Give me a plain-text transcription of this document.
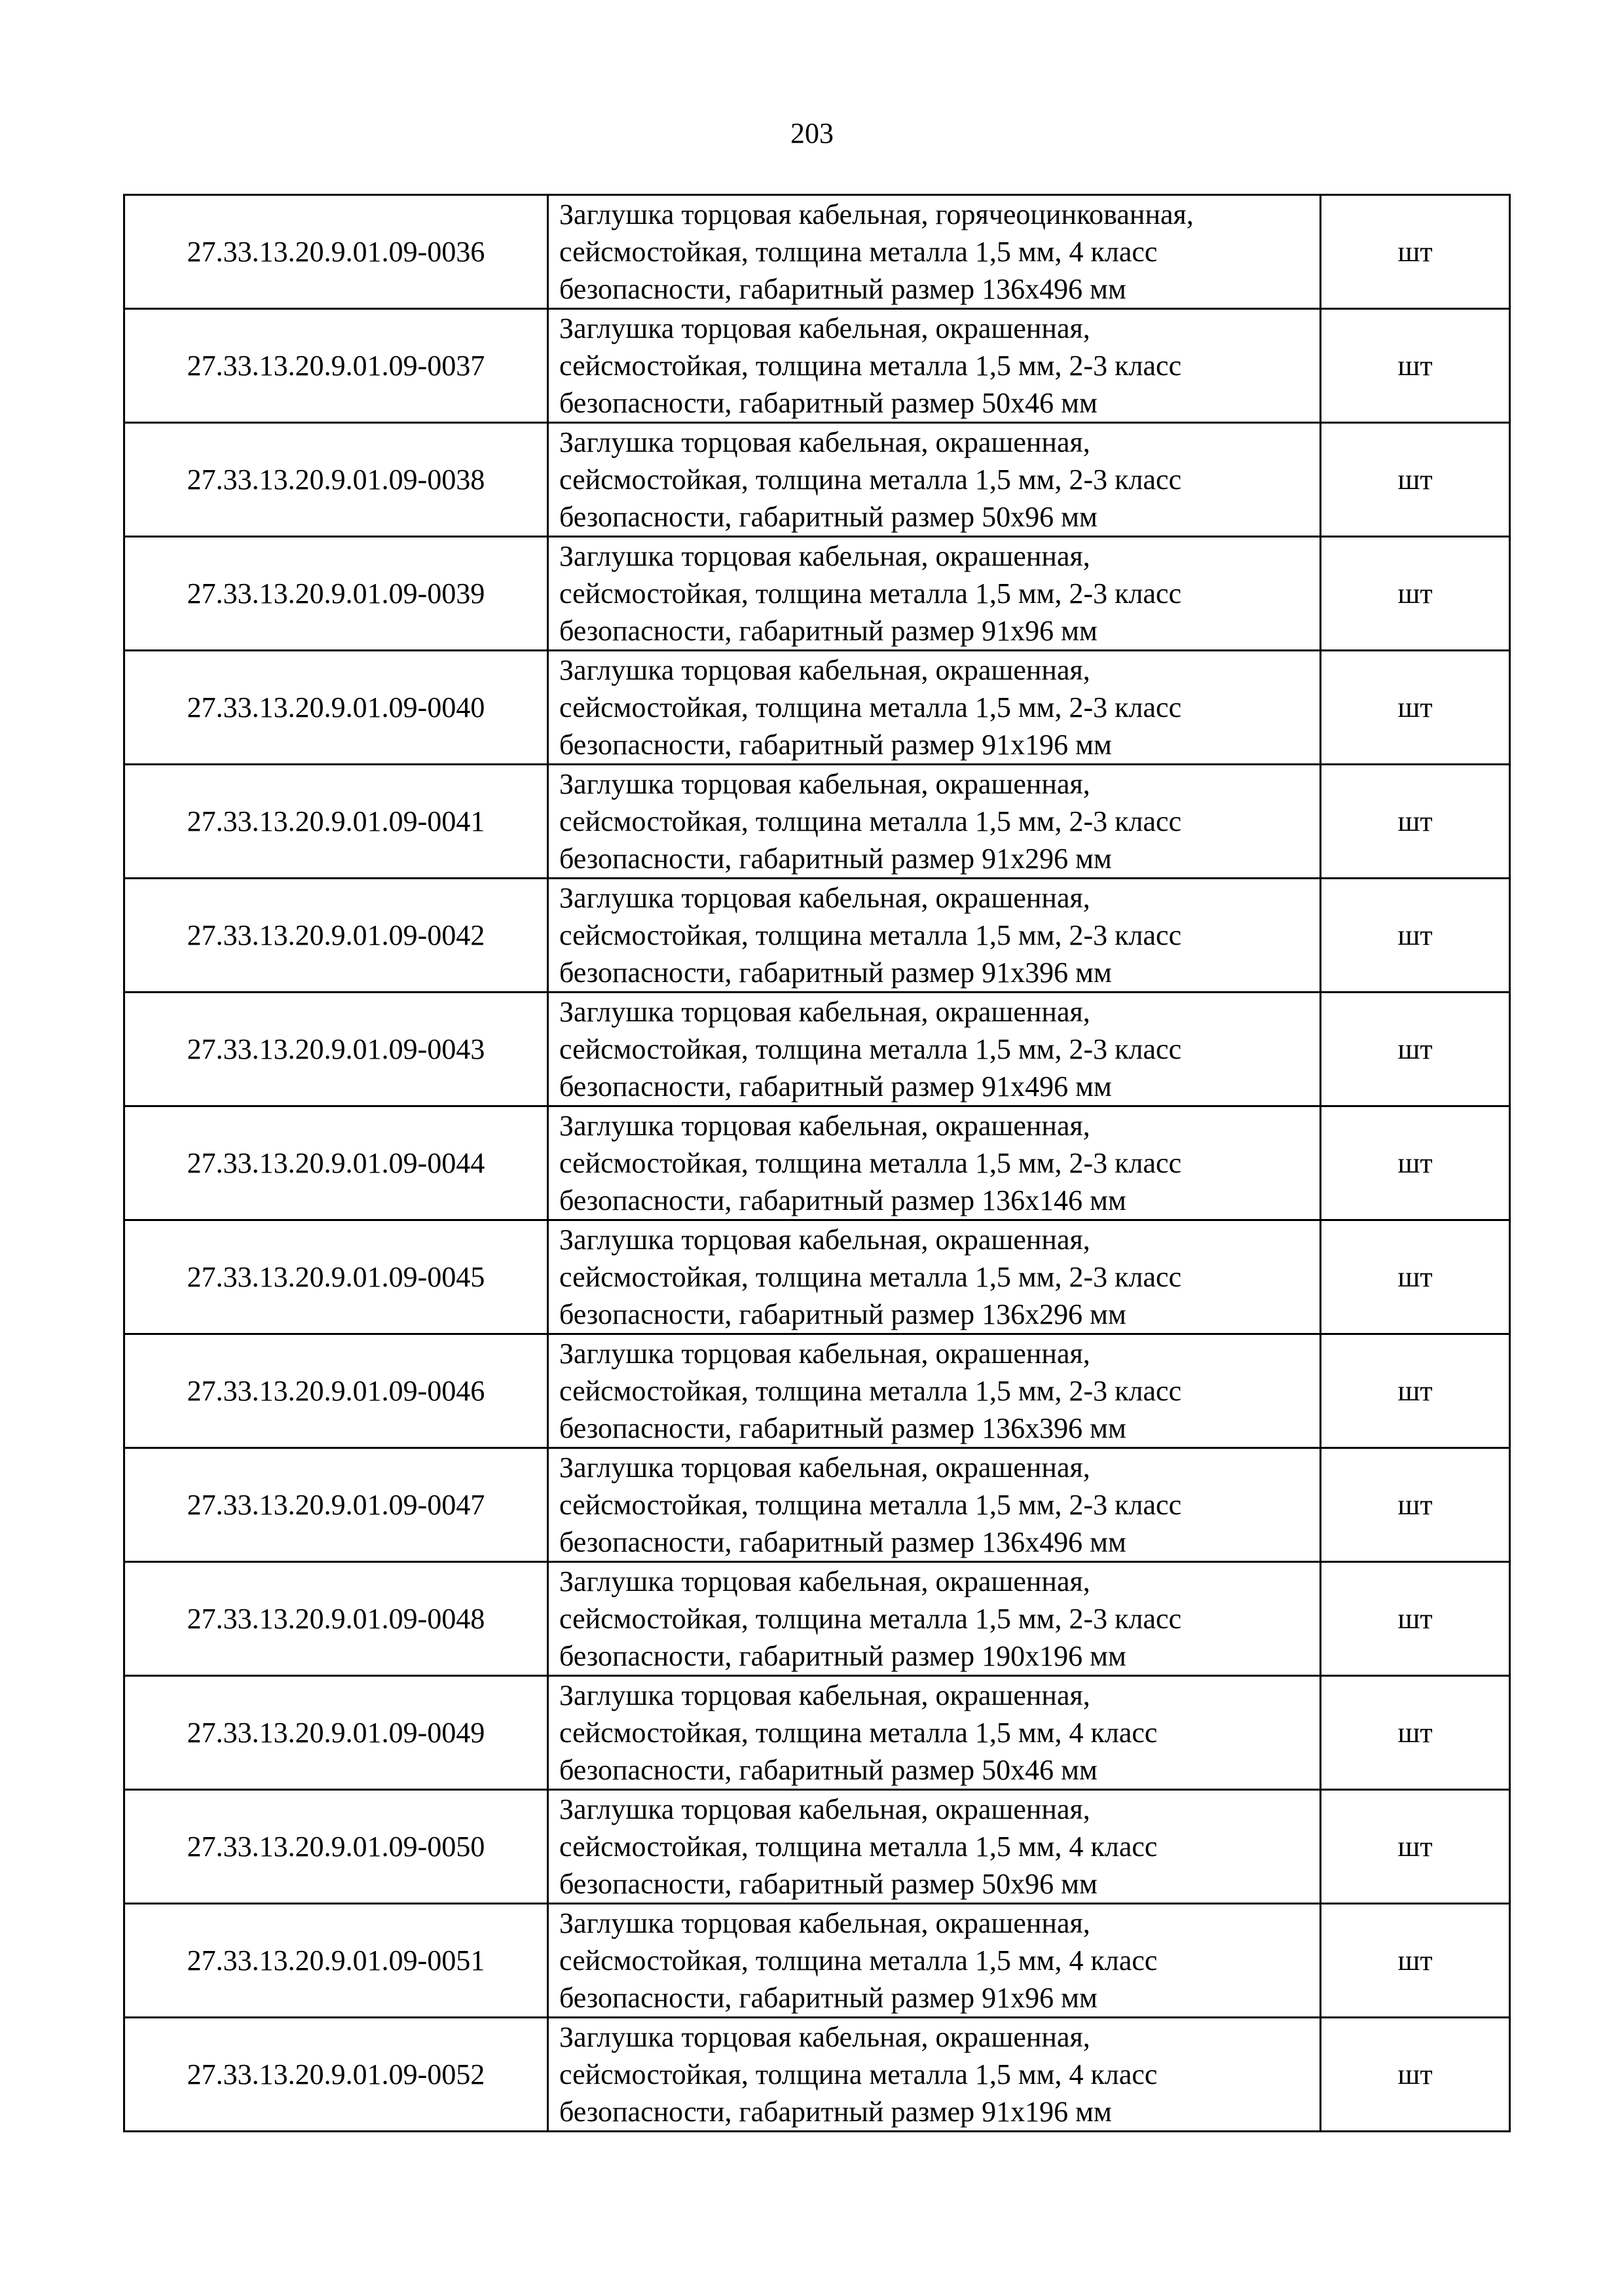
203
27.33.13.20.9.01.09-0036	Заглушка торцовая кабельная, горячеоцинкованная,
сейсмостойкая, толщина металла 1,5 мм, 4 класс
безопасности, габаритный размер 136x496 мм	шт
27.33.13.20.9.01.09-0037	Заглушка торцовая кабельная, окрашенная,
сейсмостойкая, толщина металла 1,5 мм, 2-3 класс
безопасности, габаритный размер 50x46 мм	шт
27.33.13.20.9.01.09-0038	Заглушка торцовая кабельная, окрашенная,
сейсмостойкая, толщина металла 1,5 мм, 2-3 класс
безопасности, габаритный размер 50x96 мм	шт
27.33.13.20.9.01.09-0039	Заглушка торцовая кабельная, окрашенная,
сейсмостойкая, толщина металла 1,5 мм, 2-3 класс
безопасности, габаритный размер 91x96 мм	шт
27.33.13.20.9.01.09-0040	Заглушка торцовая кабельная, окрашенная,
сейсмостойкая, толщина металла 1,5 мм, 2-3 класс
безопасности, габаритный размер 91x196 мм	шт
27.33.13.20.9.01.09-0041	Заглушка торцовая кабельная, окрашенная,
сейсмостойкая, толщина металла 1,5 мм, 2-3 класс
безопасности, габаритный размер 91x296 мм	шт
27.33.13.20.9.01.09-0042	Заглушка торцовая кабельная, окрашенная,
сейсмостойкая, толщина металла 1,5 мм, 2-3 класс
безопасности, габаритный размер 91x396 мм	шт
27.33.13.20.9.01.09-0043	Заглушка торцовая кабельная, окрашенная,
сейсмостойкая, толщина металла 1,5 мм, 2-3 класс
безопасности, габаритный размер 91x496 мм	шт
27.33.13.20.9.01.09-0044	Заглушка торцовая кабельная, окрашенная,
сейсмостойкая, толщина металла 1,5 мм, 2-3 класс
безопасности, габаритный размер 136x146 мм	шт
27.33.13.20.9.01.09-0045	Заглушка торцовая кабельная, окрашенная,
сейсмостойкая, толщина металла 1,5 мм, 2-3 класс
безопасности, габаритный размер 136x296 мм	шт
27.33.13.20.9.01.09-0046	Заглушка торцовая кабельная, окрашенная,
сейсмостойкая, толщина металла 1,5 мм, 2-3 класс
безопасности, габаритный размер 136x396 мм	шт
27.33.13.20.9.01.09-0047	Заглушка торцовая кабельная, окрашенная,
сейсмостойкая, толщина металла 1,5 мм, 2-3 класс
безопасности, габаритный размер 136x496 мм	шт
27.33.13.20.9.01.09-0048	Заглушка торцовая кабельная, окрашенная,
сейсмостойкая, толщина металла 1,5 мм, 2-3 класс
безопасности, габаритный размер 190x196 мм	шт
27.33.13.20.9.01.09-0049	Заглушка торцовая кабельная, окрашенная,
сейсмостойкая, толщина металла 1,5 мм, 4 класс
безопасности, габаритный размер 50x46 мм	шт
27.33.13.20.9.01.09-0050	Заглушка торцовая кабельная, окрашенная,
сейсмостойкая, толщина металла 1,5 мм, 4 класс
безопасности, габаритный размер 50x96 мм	шт
27.33.13.20.9.01.09-0051	Заглушка торцовая кабельная, окрашенная,
сейсмостойкая, толщина металла 1,5 мм, 4 класс
безопасности, габаритный размер 91x96 мм	шт
27.33.13.20.9.01.09-0052	Заглушка торцовая кабельная, окрашенная,
сейсмостойкая, толщина металла 1,5 мм, 4 класс
безопасности, габаритный размер 91x196 мм	шт
